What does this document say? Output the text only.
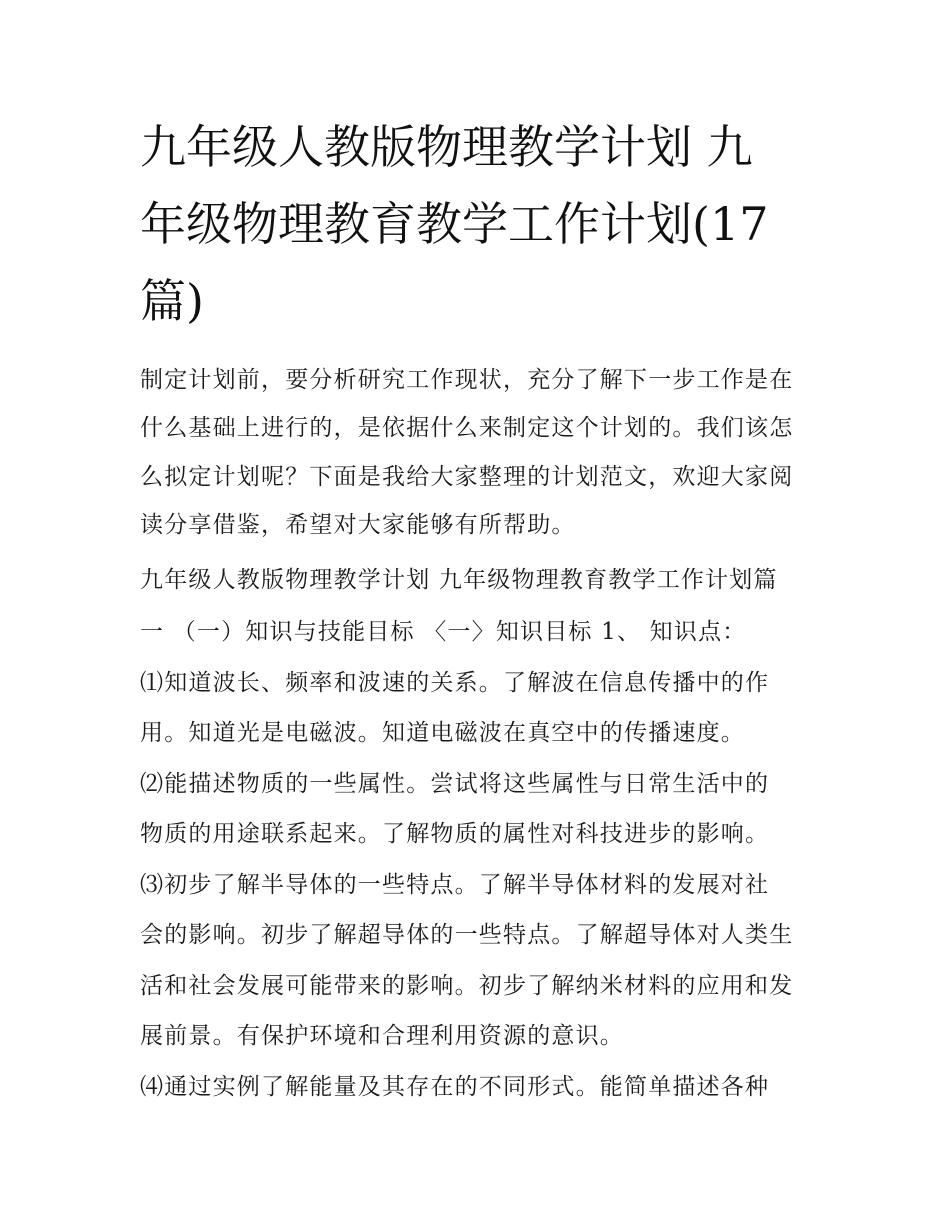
九年级人教版物理教学计划 九
年级物理教育教学工作计划(17
篇)
制定计划前，要分析研究工作现状，充分了解下一步工作是在
什么基础上进行的，是依据什么来制定这个计划的。我们该怎
么拟定计划呢？下面是我给大家整理的计划范文，欢迎大家阅
读分享借鉴，希望对大家能够有所帮助。
九年级人教版物理教学计划 九年级物理教育教学工作计划篇
一 （一）知识与技能目标 〈一〉知识目标 1、 知识点：
⑴知道波长、频率和波速的关系。了解波在信息传播中的作
用。知道光是电磁波。知道电磁波在真空中的传播速度。
⑵能描述物质的一些属性。尝试将这些属性与日常生活中的
物质的用途联系起来。了解物质的属性对科技进步的影响。
⑶初步了解半导体的一些特点。了解半导体材料的发展对社
会的影响。初步了解超导体的一些特点。了解超导体对人类生
活和社会发展可能带来的影响。初步了解纳米材料的应用和发
展前景。有保护环境和合理利用资源的意识。
⑷通过实例了解能量及其存在的不同形式。能简单描述各种
